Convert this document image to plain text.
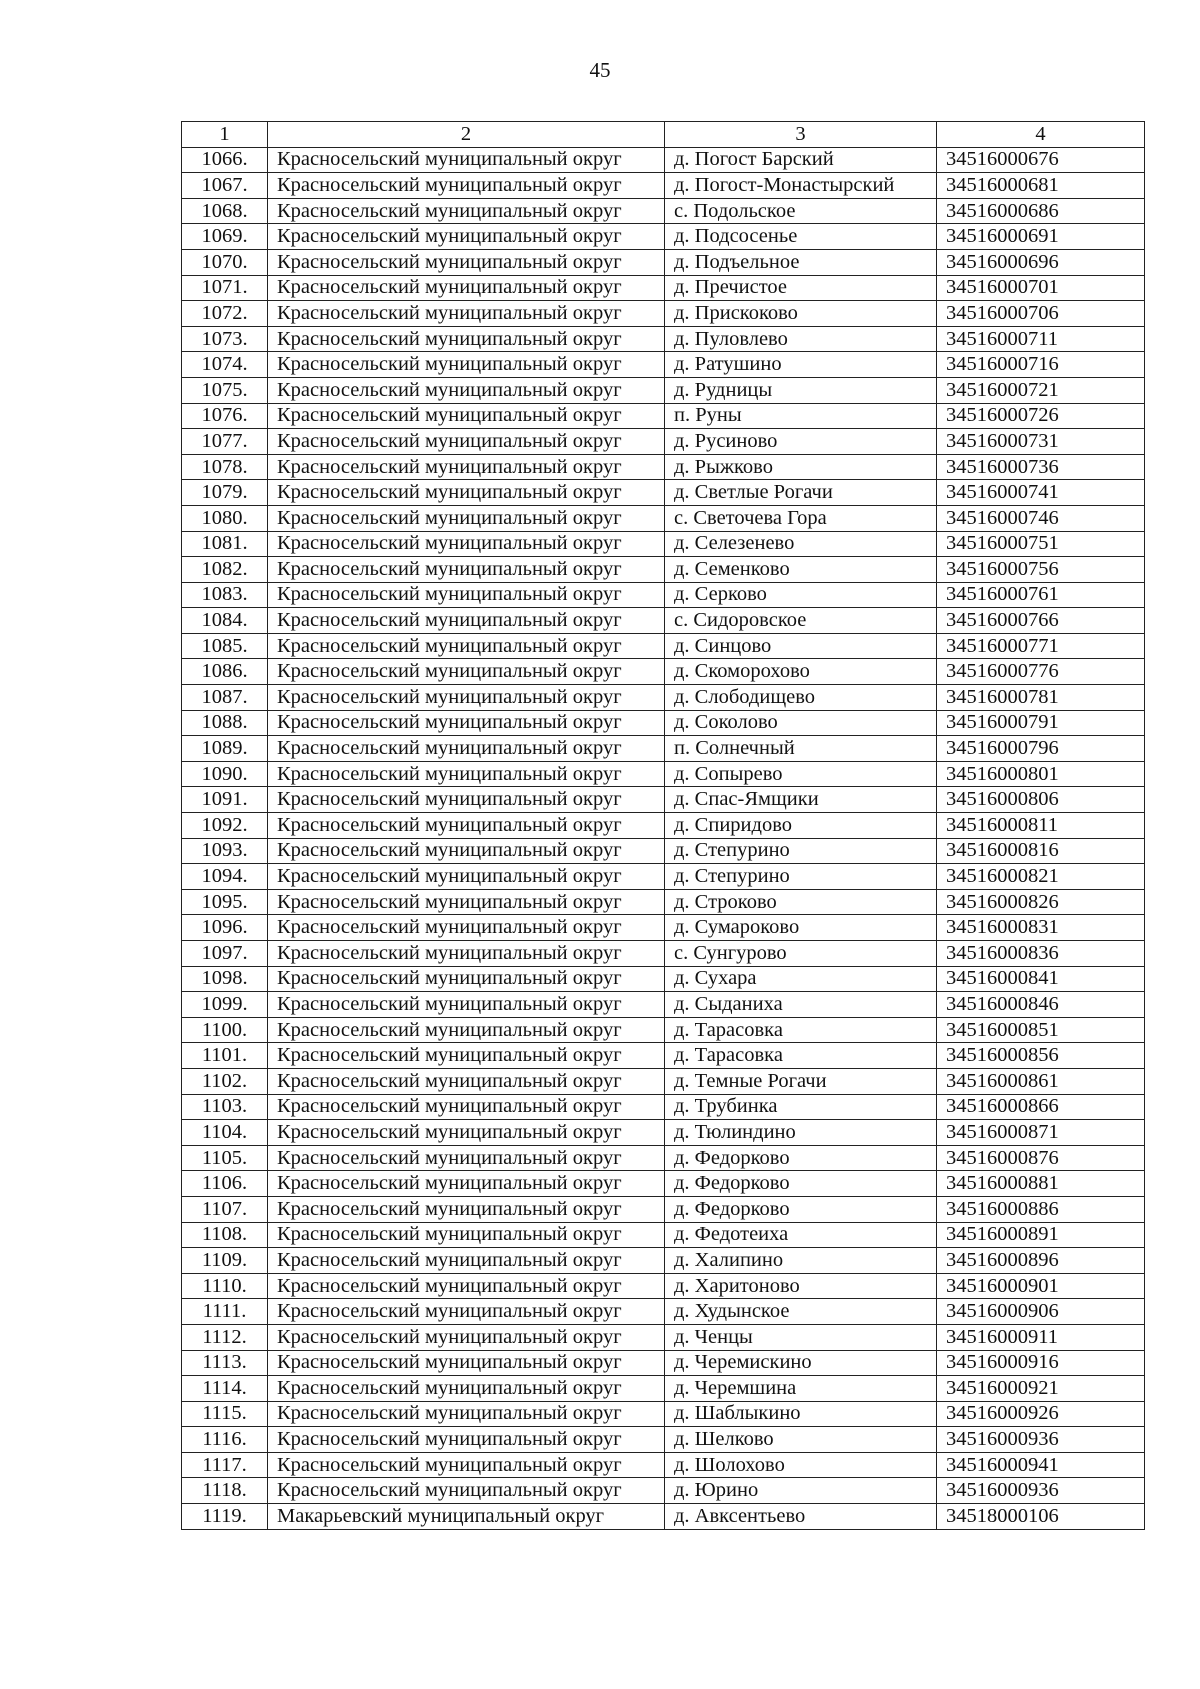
45
1	2	3	4
1066.	Красносельский муниципальный округ	д. Погост Барский	34516000676
1067.	Красносельский муниципальный округ	д. Погост-Монастырский	34516000681
1068.	Красносельский муниципальный округ	с. Подольское	34516000686
1069.	Красносельский муниципальный округ	д. Подсосенье	34516000691
1070.	Красносельский муниципальный округ	д. Подъельное	34516000696
1071.	Красносельский муниципальный округ	д. Пречистое	34516000701
1072.	Красносельский муниципальный округ	д. Прискоково	34516000706
1073.	Красносельский муниципальный округ	д. Пуловлево	34516000711
1074.	Красносельский муниципальный округ	д. Ратушино	34516000716
1075.	Красносельский муниципальный округ	д. Рудницы	34516000721
1076.	Красносельский муниципальный округ	п. Руны	34516000726
1077.	Красносельский муниципальный округ	д. Русиново	34516000731
1078.	Красносельский муниципальный округ	д. Рыжково	34516000736
1079.	Красносельский муниципальный округ	д. Светлые Рогачи	34516000741
1080.	Красносельский муниципальный округ	с. Светочева Гора	34516000746
1081.	Красносельский муниципальный округ	д. Селезенево	34516000751
1082.	Красносельский муниципальный округ	д. Семенково	34516000756
1083.	Красносельский муниципальный округ	д. Серково	34516000761
1084.	Красносельский муниципальный округ	с. Сидоровское	34516000766
1085.	Красносельский муниципальный округ	д. Синцово	34516000771
1086.	Красносельский муниципальный округ	д. Скоморохово	34516000776
1087.	Красносельский муниципальный округ	д. Слободищево	34516000781
1088.	Красносельский муниципальный округ	д. Соколово	34516000791
1089.	Красносельский муниципальный округ	п. Солнечный	34516000796
1090.	Красносельский муниципальный округ	д. Сопырево	34516000801
1091.	Красносельский муниципальный округ	д. Спас-Ямщики	34516000806
1092.	Красносельский муниципальный округ	д. Спиридово	34516000811
1093.	Красносельский муниципальный округ	д. Степурино	34516000816
1094.	Красносельский муниципальный округ	д. Степурино	34516000821
1095.	Красносельский муниципальный округ	д. Строково	34516000826
1096.	Красносельский муниципальный округ	д. Сумароково	34516000831
1097.	Красносельский муниципальный округ	с. Сунгурово	34516000836
1098.	Красносельский муниципальный округ	д. Сухара	34516000841
1099.	Красносельский муниципальный округ	д. Сыданиха	34516000846
1100.	Красносельский муниципальный округ	д. Тарасовка	34516000851
1101.	Красносельский муниципальный округ	д. Тарасовка	34516000856
1102.	Красносельский муниципальный округ	д. Темные Рогачи	34516000861
1103.	Красносельский муниципальный округ	д. Трубинка	34516000866
1104.	Красносельский муниципальный округ	д. Тюлиндино	34516000871
1105.	Красносельский муниципальный округ	д. Федорково	34516000876
1106.	Красносельский муниципальный округ	д. Федорково	34516000881
1107.	Красносельский муниципальный округ	д. Федорково	34516000886
1108.	Красносельский муниципальный округ	д. Федотеиха	34516000891
1109.	Красносельский муниципальный округ	д. Халипино	34516000896
1110.	Красносельский муниципальный округ	д. Харитоново	34516000901
1111.	Красносельский муниципальный округ	д. Худынское	34516000906
1112.	Красносельский муниципальный округ	д. Ченцы	34516000911
1113.	Красносельский муниципальный округ	д. Черемискино	34516000916
1114.	Красносельский муниципальный округ	д. Черемшина	34516000921
1115.	Красносельский муниципальный округ	д. Шаблыкино	34516000926
1116.	Красносельский муниципальный округ	д. Шелково	34516000936
1117.	Красносельский муниципальный округ	д. Шолохово	34516000941
1118.	Красносельский муниципальный округ	д. Юрино	34516000936
1119.	Макарьевский муниципальный округ	д. Авксентьево	34518000106
